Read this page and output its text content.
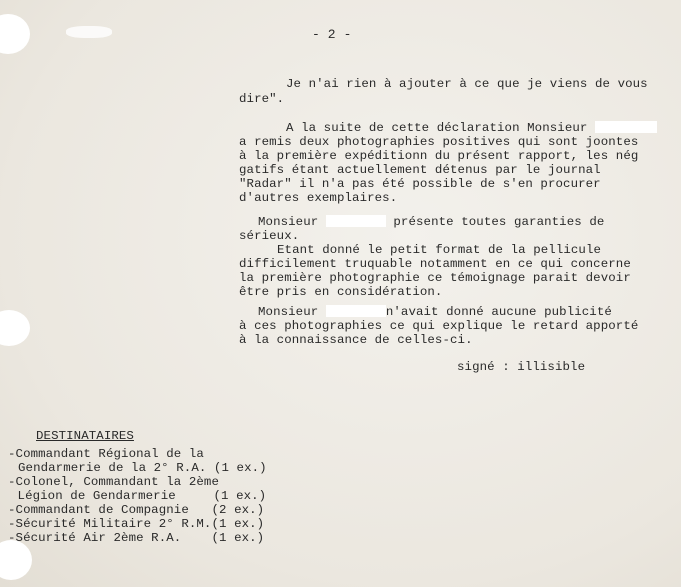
- 2 -
Je n'ai rien à ajouter à ce que je viens de vous
dire".
A la suite de cette déclaration Monsieur
a remis deux photographies positives qui sont joontes
à la première expéditionn du présent rapport, les nég
gatifs étant actuellement détenus par le journal
"Radar" il n'a pas été possible de s'en procurer
d'autres exemplaires.
Monsieur	présente toutes garanties de
sérieux.
Etant donné le petit format de la pellicule
difficilement truquable notamment en ce qui concerne
la première photographie ce témoignage parait devoir
être pris en considération.
Monsieur	n'avait donné aucune publicité
à ces photographies ce qui explique le retard apporté
à la connaissance de celles-ci.
signé : illisible
DESTINATAIRES
-Commandant Régional de la
Gendarmerie de la 2° R.A. (1 ex.)
-Colonel, Commandant la 2ème
Légion de Gendarmerie     (1 ex.)
-Commandant de Compagnie   (2 ex.)
-Sécurité Militaire 2° R.M.(1 ex.)
-Sécurité Air 2ème R.A.    (1 ex.)
